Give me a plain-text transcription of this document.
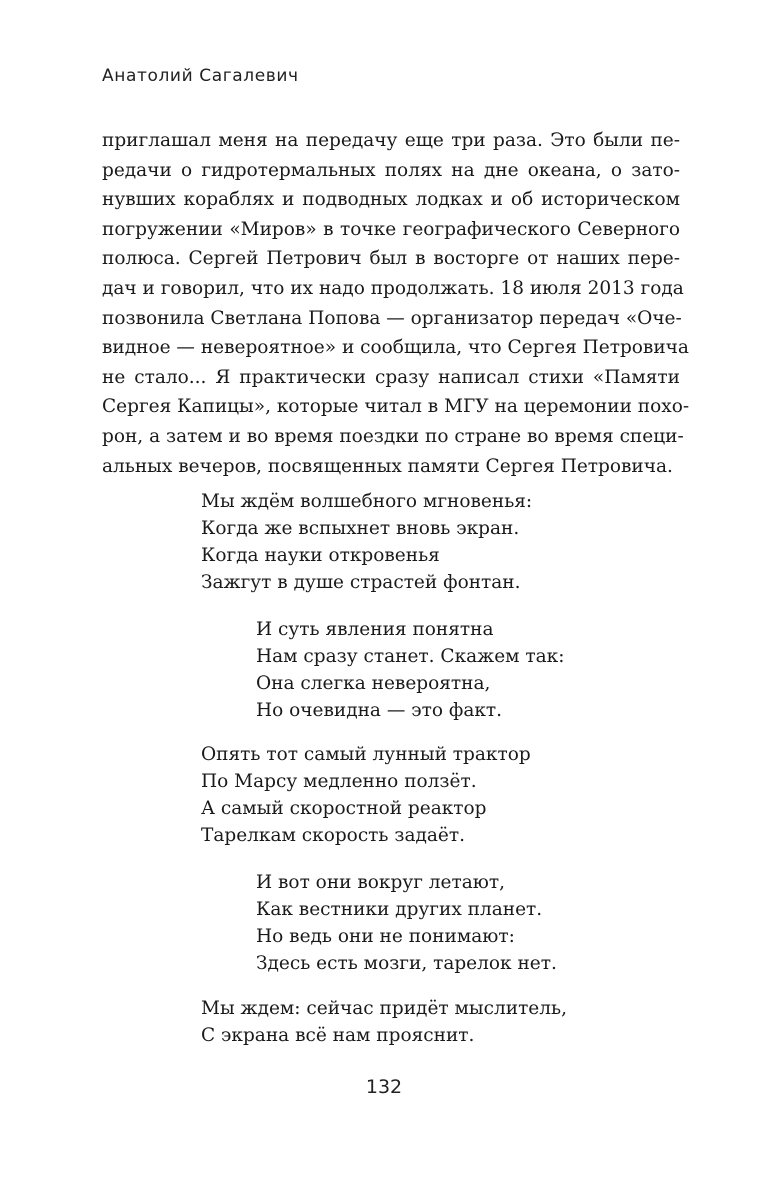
Анатолий Сагалевич
приглашал меня на передачу еще три раза. Это были пе-
редачи о гидротермальных полях на дне океана, о зато-
нувших кораблях и подводных лодках и об историческом
погружении «Миров» в точке географического Северного
полюса. Сергей Петрович был в восторге от наших пере-
дач и говорил, что их надо продолжать. 18 июля 2013 года
позвонила Светлана Попова — организатор передач «Оче-
видное — невероятное» и сообщила, что Сергея Петровича
не стало... Я практически сразу написал стихи «Памяти
Сергея Капицы», которые читал в МГУ на церемонии похо-
рон, а затем и во время поездки по стране во время специ-
альных вечеров, посвященных памяти Сергея Петровича.
Мы ждём волшебного мгновенья:
Когда же вспыхнет вновь экран.
Когда науки откровенья
Зажгут в душе страстей фонтан.
И суть явления понятна
Нам сразу станет. Скажем так:
Она слегка невероятна,
Но очевидна — это факт.
Опять тот самый лунный трактор
По Марсу медленно ползёт.
А самый скоростной реактор
Тарелкам скорость задаёт.
И вот они вокруг летают,
Как вестники других планет.
Но ведь они не понимают:
Здесь есть мозги, тарелок нет.
Мы ждем: сейчас придёт мыслитель,
С экрана всё нам прояснит.
132
